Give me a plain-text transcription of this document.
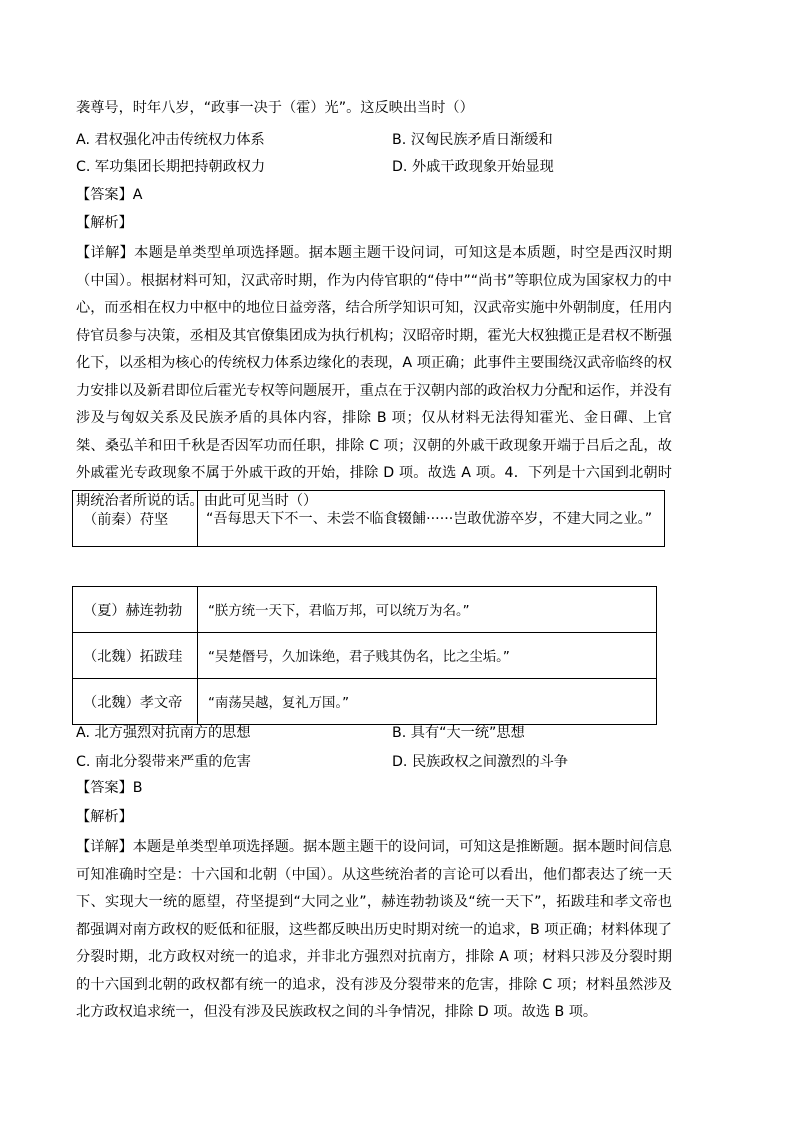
袭尊号，时年八岁，“政事一决于（霍）光”。这反映出当时（）
A. 君权强化冲击传统权力体系	B. 汉匈民族矛盾日渐缓和
C. 军功集团长期把持朝政权力	D. 外戚干政现象开始显现
【答案】A
【解析】
【详解】本题是单类型单项选择题。据本题主题干设问词，可知这是本质题，时空是西汉时期（中国）。根据材料可知，汉武帝时期，作为内侍官职的“侍中”“尚书”等职位成为国家权力的中心，而丞相在权力中枢中的地位日益旁落，结合所学知识可知，汉武帝实施中外朝制度，任用内侍官员参与决策，丞相及其官僚集团成为执行机构；汉昭帝时期，霍光大权独揽正是君权不断强化下，以丞相为核心的传统权力体系边缘化的表现，A 项正确；此事件主要围绕汉武帝临终的权力安排以及新君即位后霍光专权等问题展开，重点在于汉朝内部的政治权力分配和运作，并没有涉及与匈奴关系及民族矛盾的具体内容，排除 B 项；仅从材料无法得知霍光、金日磾、上官桀、桑弘羊和田千秋是否因军功而任职，排除 C 项；汉朝的外戚干政现象开端于吕后之乱，故外戚霍光专政现象不属于外戚干政的开始，排除 D 项。故选 A 项。4．下列是十六国到北朝时期统治者所说的话。由此可见当时（）
（前秦）苻坚	“吾每思天下不一、未尝不临食辍餔······岂敢优游卒岁，不建大同之业。”
（夏）赫连勃勃	“朕方统一天下，君临万邦，可以统万为名。”
（北魏）拓跋珪	“吴楚僭号，久加诛绝，君子贱其伪名，比之尘垢。”
（北魏）孝文帝	“南荡吴越，复礼万国。”
A. 北方强烈对抗南方的思想	B. 具有“大一统”思想
C. 南北分裂带来严重的危害	D. 民族政权之间激烈的斗争
【答案】B
【解析】
【详解】本题是单类型单项选择题。据本题主题干的设问词，可知这是推断题。据本题时间信息可知准确时空是：十六国和北朝（中国）。从这些统治者的言论可以看出，他们都表达了统一天下、实现大一统的愿望，苻坚提到“大同之业”，赫连勃勃谈及“统一天下”，拓跋珪和孝文帝也都强调对南方政权的贬低和征服，这些都反映出历史时期对统一的追求，B 项正确；材料体现了分裂时期，北方政权对统一的追求，并非北方强烈对抗南方，排除 A 项；材料只涉及分裂时期的十六国到北朝的政权都有统一的追求，没有涉及分裂带来的危害，排除 C 项；材料虽然涉及北方政权追求统一，但没有涉及民族政权之间的斗争情况，排除 D 项。故选 B 项。
